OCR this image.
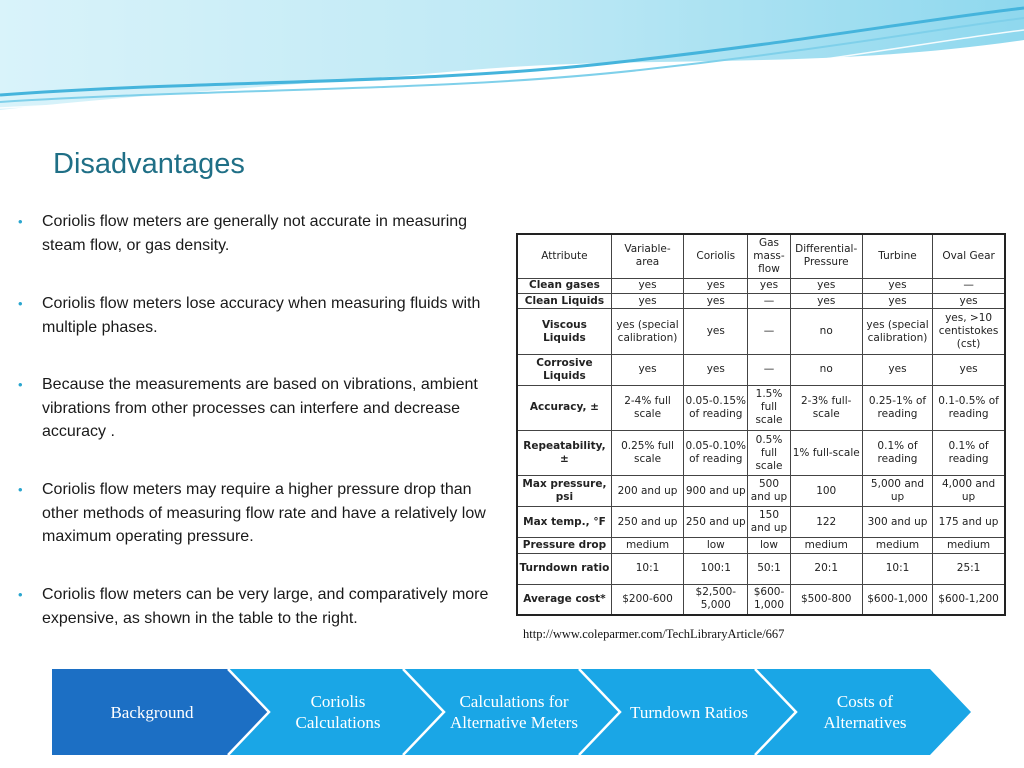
Disadvantages
• Coriolis flow meters are generally not accurate in measuring steam flow, or gas density.
• Coriolis flow meters lose accuracy when measuring fluids with multiple phases.
• Because the measurements are based on vibrations, ambient vibrations from other processes can interfere and decrease accuracy .
• Coriolis flow meters may require a higher pressure drop than other methods of measuring flow rate and have a relatively low maximum operating pressure.
• Coriolis flow meters can be very large, and comparatively more expensive, as shown in the table to the right.
Attribute	Variable-area	Coriolis	Gas mass-flow	Differential-Pressure	Turbine	Oval Gear
Clean gases	yes	yes	yes	yes	yes	—
Clean Liquids	yes	yes	—	yes	yes	yes
Viscous Liquids	yes (special calibration)	yes	—	no	yes (special calibration)	yes, >10 centistokes (cst)
Corrosive Liquids	yes	yes	—	no	yes	yes
Accuracy, ±	2-4% full scale	0.05-0.15% of reading	1.5% full scale	2-3% full-scale	0.25-1% of reading	0.1-0.5% of reading
Repeatability, ±	0.25% full scale	0.05-0.10% of reading	0.5% full scale	1% full-scale	0.1% of reading	0.1% of reading
Max pressure, psi	200 and up	900 and up	500 and up	100	5,000 and up	4,000 and up
Max temp., °F	250 and up	250 and up	150 and up	122	300 and up	175 and up
Pressure drop	medium	low	low	medium	medium	medium
Turndown ratio	10:1	100:1	50:1	20:1	10:1	25:1
Average cost*	$200-600	$2,500-5,000	$600-1,000	$500-800	$600-1,000	$600-1,200
http://www.coleparmer.com/TechLibraryArticle/667
Background
Coriolis Calculations
Calculations for Alternative Meters
Turndown Ratios
Costs of Alternatives
